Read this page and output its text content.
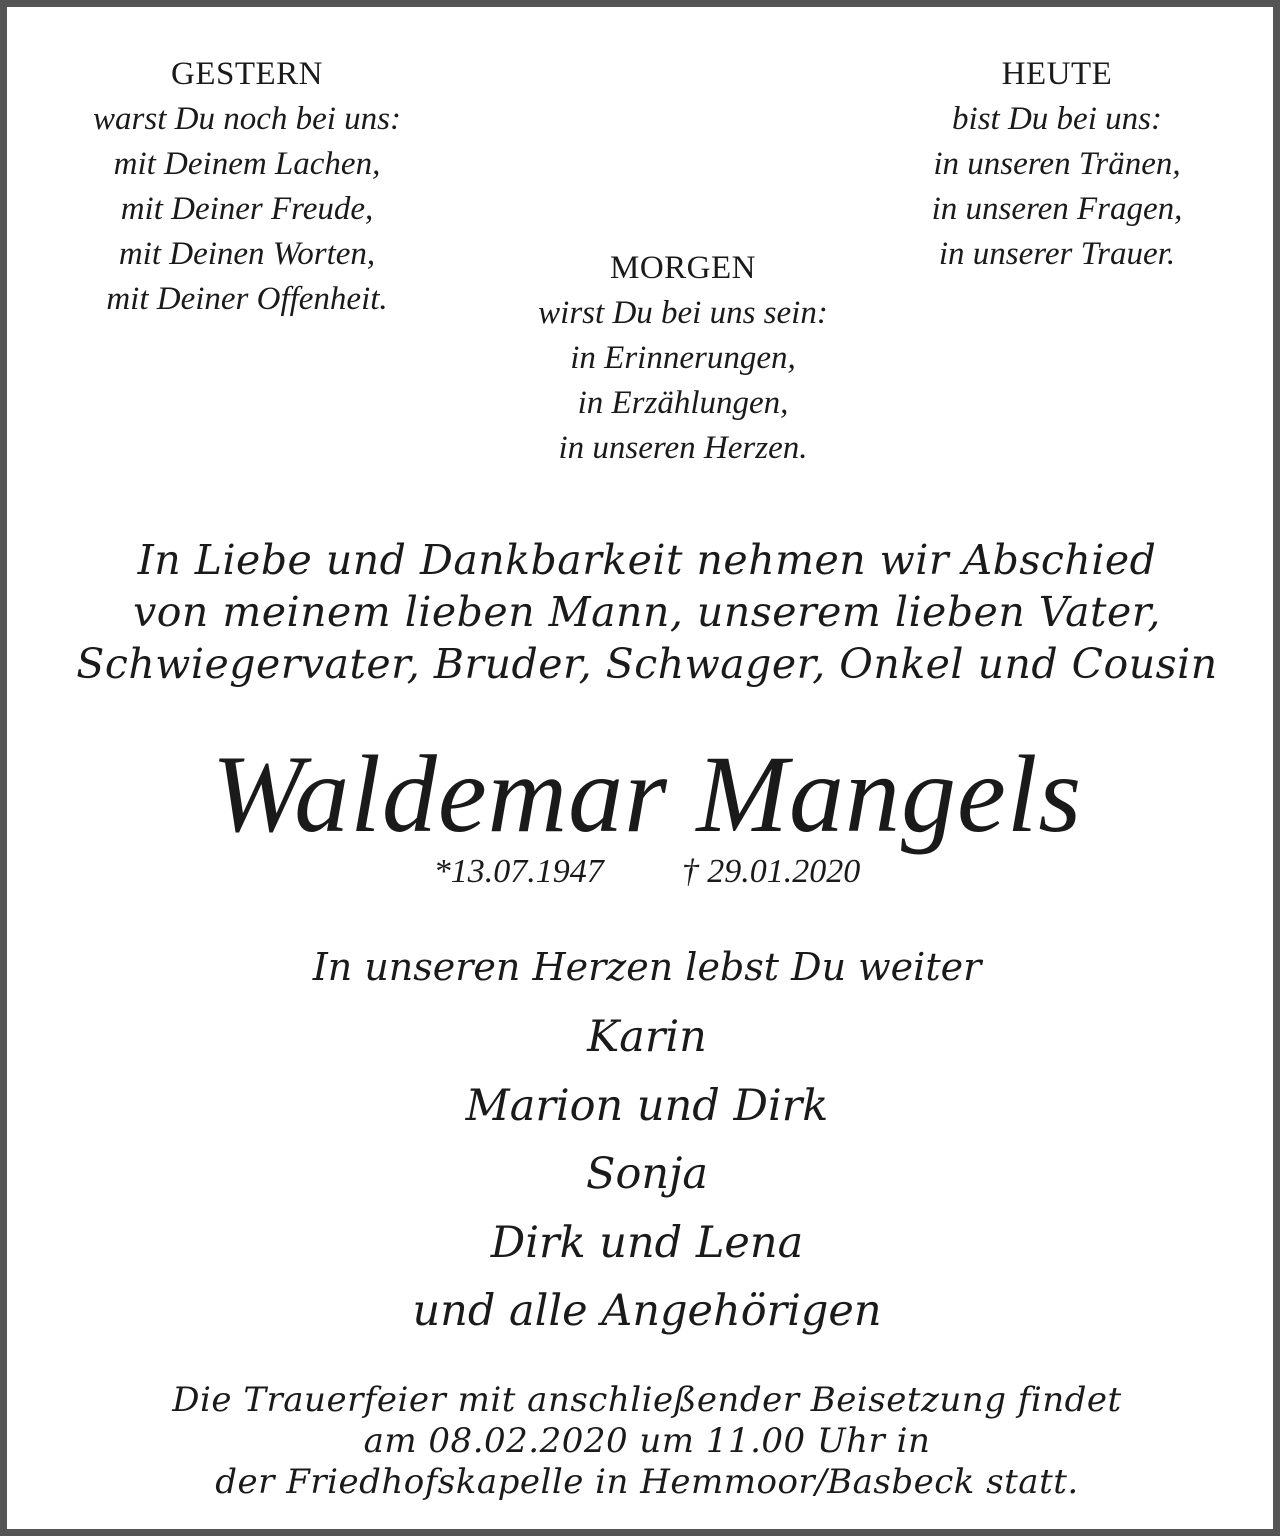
GESTERN
warst Du noch bei uns:
mit Deinem Lachen,
mit Deiner Freude,
mit Deinen Worten,
mit Deiner Offenheit.
HEUTE
bist Du bei uns:
in unseren Tränen,
in unseren Fragen,
in unserer Trauer.
MORGEN
wirst Du bei uns sein:
in Erinnerungen,
in Erzählungen,
in unseren Herzen.
In Liebe und Dankbarkeit nehmen wir Abschied
von meinem lieben Mann, unserem lieben Vater,
Schwiegervater, Bruder, Schwager, Onkel und Cousin
Waldemar Mangels
*13.07.1947 † 29.01.2020
In unseren Herzen lebst Du weiter
Karin
Marion und Dirk
Sonja
Dirk und Lena
und alle Angehörigen
Die Trauerfeier mit anschließender Beisetzung findet
am 08.02.2020 um 11.00 Uhr in
der Friedhofskapelle in Hemmoor/Basbeck statt.
